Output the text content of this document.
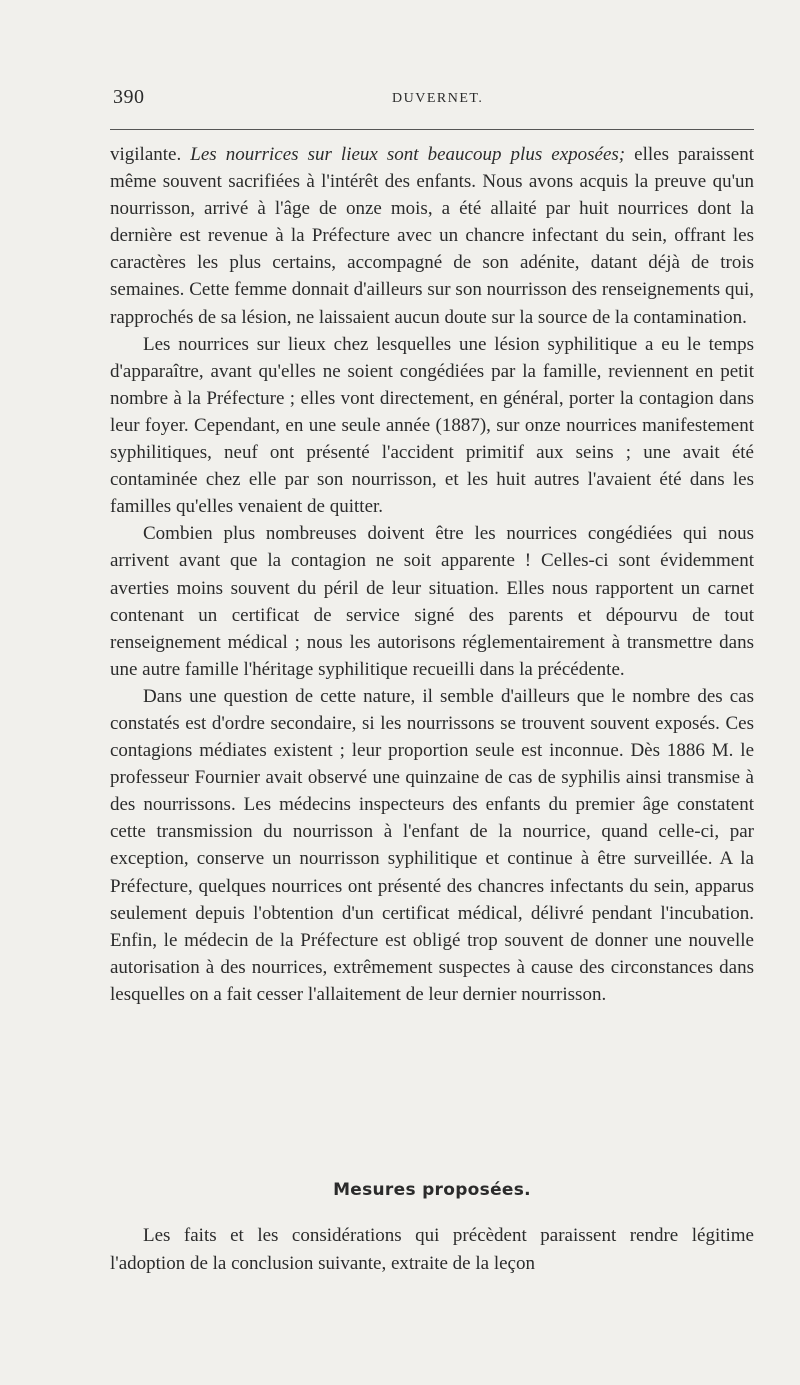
390	DUVERNET.

vigilante. Les nourrices sur lieux sont beaucoup plus exposées; elles paraissent même souvent sacrifiées à l'intérêt des enfants. Nous avons acquis la preuve qu'un nourrisson, arrivé à l'âge de onze mois, a été allaité par huit nourrices dont la dernière est revenue à la Préfecture avec un chancre infectant du sein, offrant les caractères les plus certains, accompagné de son adénite, datant déjà de trois semaines. Cette femme donnait d'ailleurs sur son nourrisson des renseignements qui, rapprochés de sa lésion, ne laissaient aucun doute sur la source de la contamination.

Les nourrices sur lieux chez lesquelles une lésion syphilitique a eu le temps d'apparaître, avant qu'elles ne soient congédiées par la famille, reviennent en petit nombre à la Préfecture ; elles vont directement, en général, porter la contagion dans leur foyer. Cependant, en une seule année (1887), sur onze nourrices manifestement syphilitiques, neuf ont présenté l'accident primitif aux seins ; une avait été contaminée chez elle par son nourrisson, et les huit autres l'avaient été dans les familles qu'elles venaient de quitter.

Combien plus nombreuses doivent être les nourrices congédiées qui nous arrivent avant que la contagion ne soit apparente ! Celles-ci sont évidemment averties moins souvent du péril de leur situation. Elles nous rapportent un carnet contenant un certificat de service signé des parents et dépourvu de tout renseignement médical ; nous les autorisons réglementairement à transmettre dans une autre famille l'héritage syphilitique recueilli dans la précédente.

Dans une question de cette nature, il semble d'ailleurs que le nombre des cas constatés est d'ordre secondaire, si les nourrissons se trouvent souvent exposés. Ces contagions médiates existent ; leur proportion seule est inconnue. Dès 1886 M. le professeur Fournier avait observé une quinzaine de cas de syphilis ainsi transmise à des nourrissons. Les médecins inspecteurs des enfants du premier âge constatent cette transmission du nourrisson à l'enfant de la nourrice, quand celle-ci, par exception, conserve un nourrisson syphilitique et continue à être surveillée. A la Préfecture, quelques nourrices ont présenté des chancres infectants du sein, apparus seulement depuis l'obtention d'un certificat médical, délivré pendant l'incubation. Enfin, le médecin de la Préfecture est obligé trop souvent de donner une nouvelle autorisation à des nourrices, extrêmement suspectes à cause des circonstances dans lesquelles on a fait cesser l'allaitement de leur dernier nourrisson.

Mesures proposées.

Les faits et les considérations qui précèdent paraissent rendre légitime l'adoption de la conclusion suivante, extraite de la leçon
